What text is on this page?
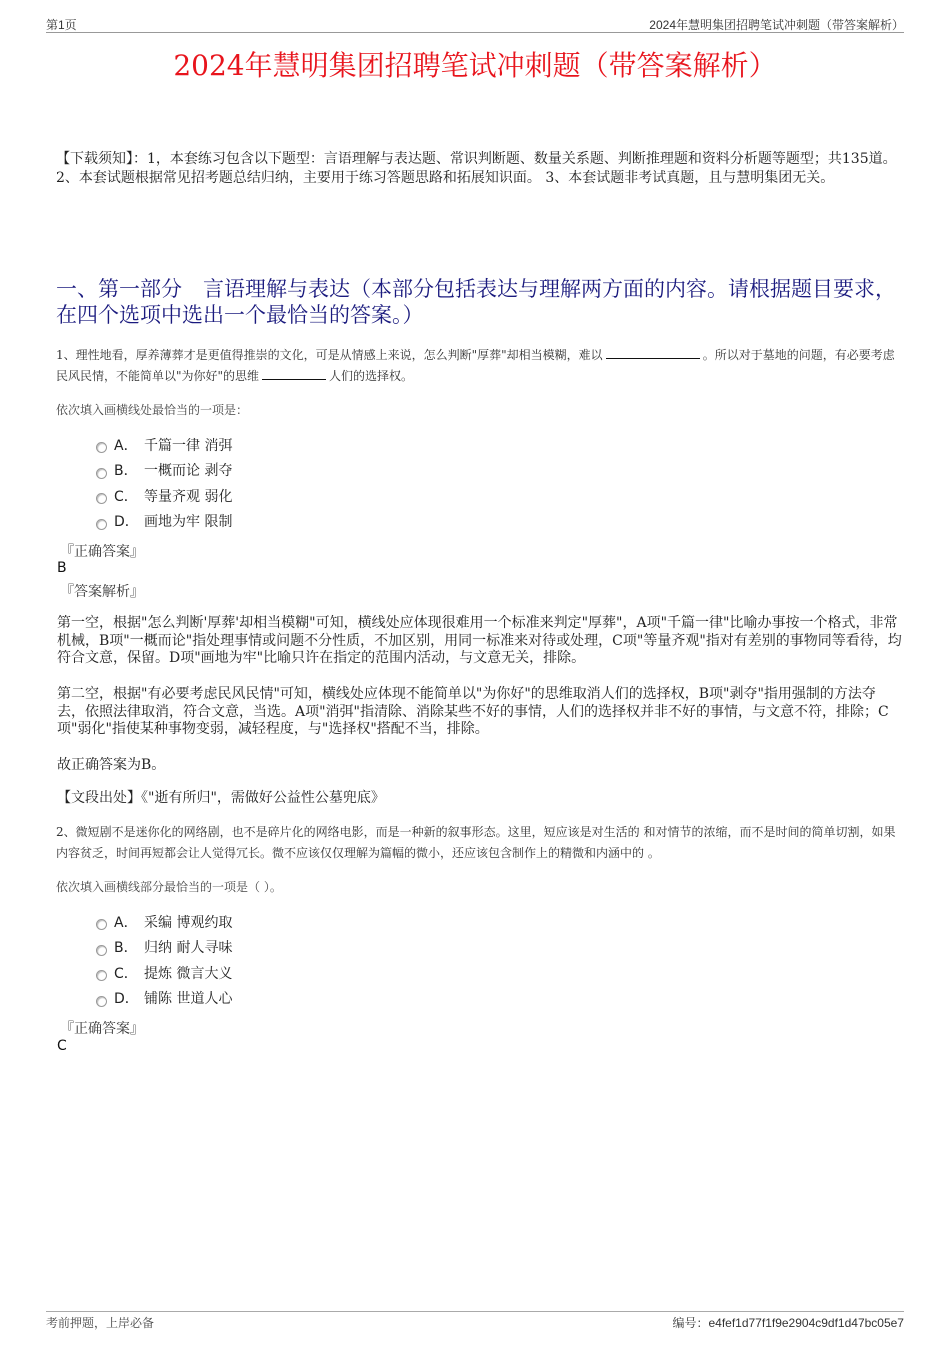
第1页	2024年慧明集团招聘笔试冲刺题（带答案解析）
2024年慧明集团招聘笔试冲刺题（带答案解析）
【下载须知】：1，本套练习包含以下题型：言语理解与表达题、常识判断题、数量关系题、判断推理题和资料分析题等题型；共135道。 2、本套试题根据常见招考题总结归纳，主要用于练习答题思路和拓展知识面。 3、本套试题非考试真题，且与慧明集团无关。
一、第一部分　言语理解与表达（本部分包括表达与理解两方面的内容。请根据题目要求，在四个选项中选出一个最恰当的答案。）
1、理性地看，厚养薄葬才是更值得推崇的文化，可是从情感上来说，怎么判断"厚葬"却相当模糊，难以	。所以对于墓地的问题，有必要考虑民风民情，不能简单以"为你好"的思维	人们的选择权。
依次填入画横线处最恰当的一项是：
A． 千篇一律 消弭
B． 一概而论 剥夺
C． 等量齐观 弱化
D． 画地为牢 限制
『正确答案』
B
『答案解析』
第一空，根据"怎么判断'厚葬'却相当模糊"可知，横线处应体现很难用一个标准来判定"厚葬"，A项"千篇一律"比喻办事按一个格式，非常机械，B项"一概而论"指处理事情或问题不分性质，不加区别，用同一标准来对待或处理，C项"等量齐观"指对有差别的事物同等看待，均符合文意，保留。D项"画地为牢"比喻只许在指定的范围内活动，与文意无关，排除。
第二空，根据"有必要考虑民风民情"可知，横线处应体现不能简单以"为你好"的思维取消人们的选择权，B项"剥夺"指用强制的方法夺去，依照法律取消，符合文意，当选。A项"消弭"指清除、消除某些不好的事情，人们的选择权并非不好的事情，与文意不符，排除；C项"弱化"指使某种事物变弱，减轻程度，与"选择权"搭配不当，排除。
故正确答案为B。
【文段出处】《"逝有所归"，需做好公益性公墓兜底》
2、微短剧不是迷你化的网络剧，也不是碎片化的网络电影，而是一种新的叙事形态。这里，短应该是对生活的 和对情节的浓缩，而不是时间的简单切割，如果内容贫乏，时间再短都会让人觉得冗长。微不应该仅仅理解为篇幅的微小，还应该包含制作上的精微和内涵中的 。
依次填入画横线部分最恰当的一项是（ ）。
A． 采编 博观约取
B． 归纳 耐人寻味
C． 提炼 微言大义
D． 铺陈 世道人心
『正确答案』
C
考前押题，上岸必备	编号：e4fef1d77f1f9e2904c9df1d47bc05e7
